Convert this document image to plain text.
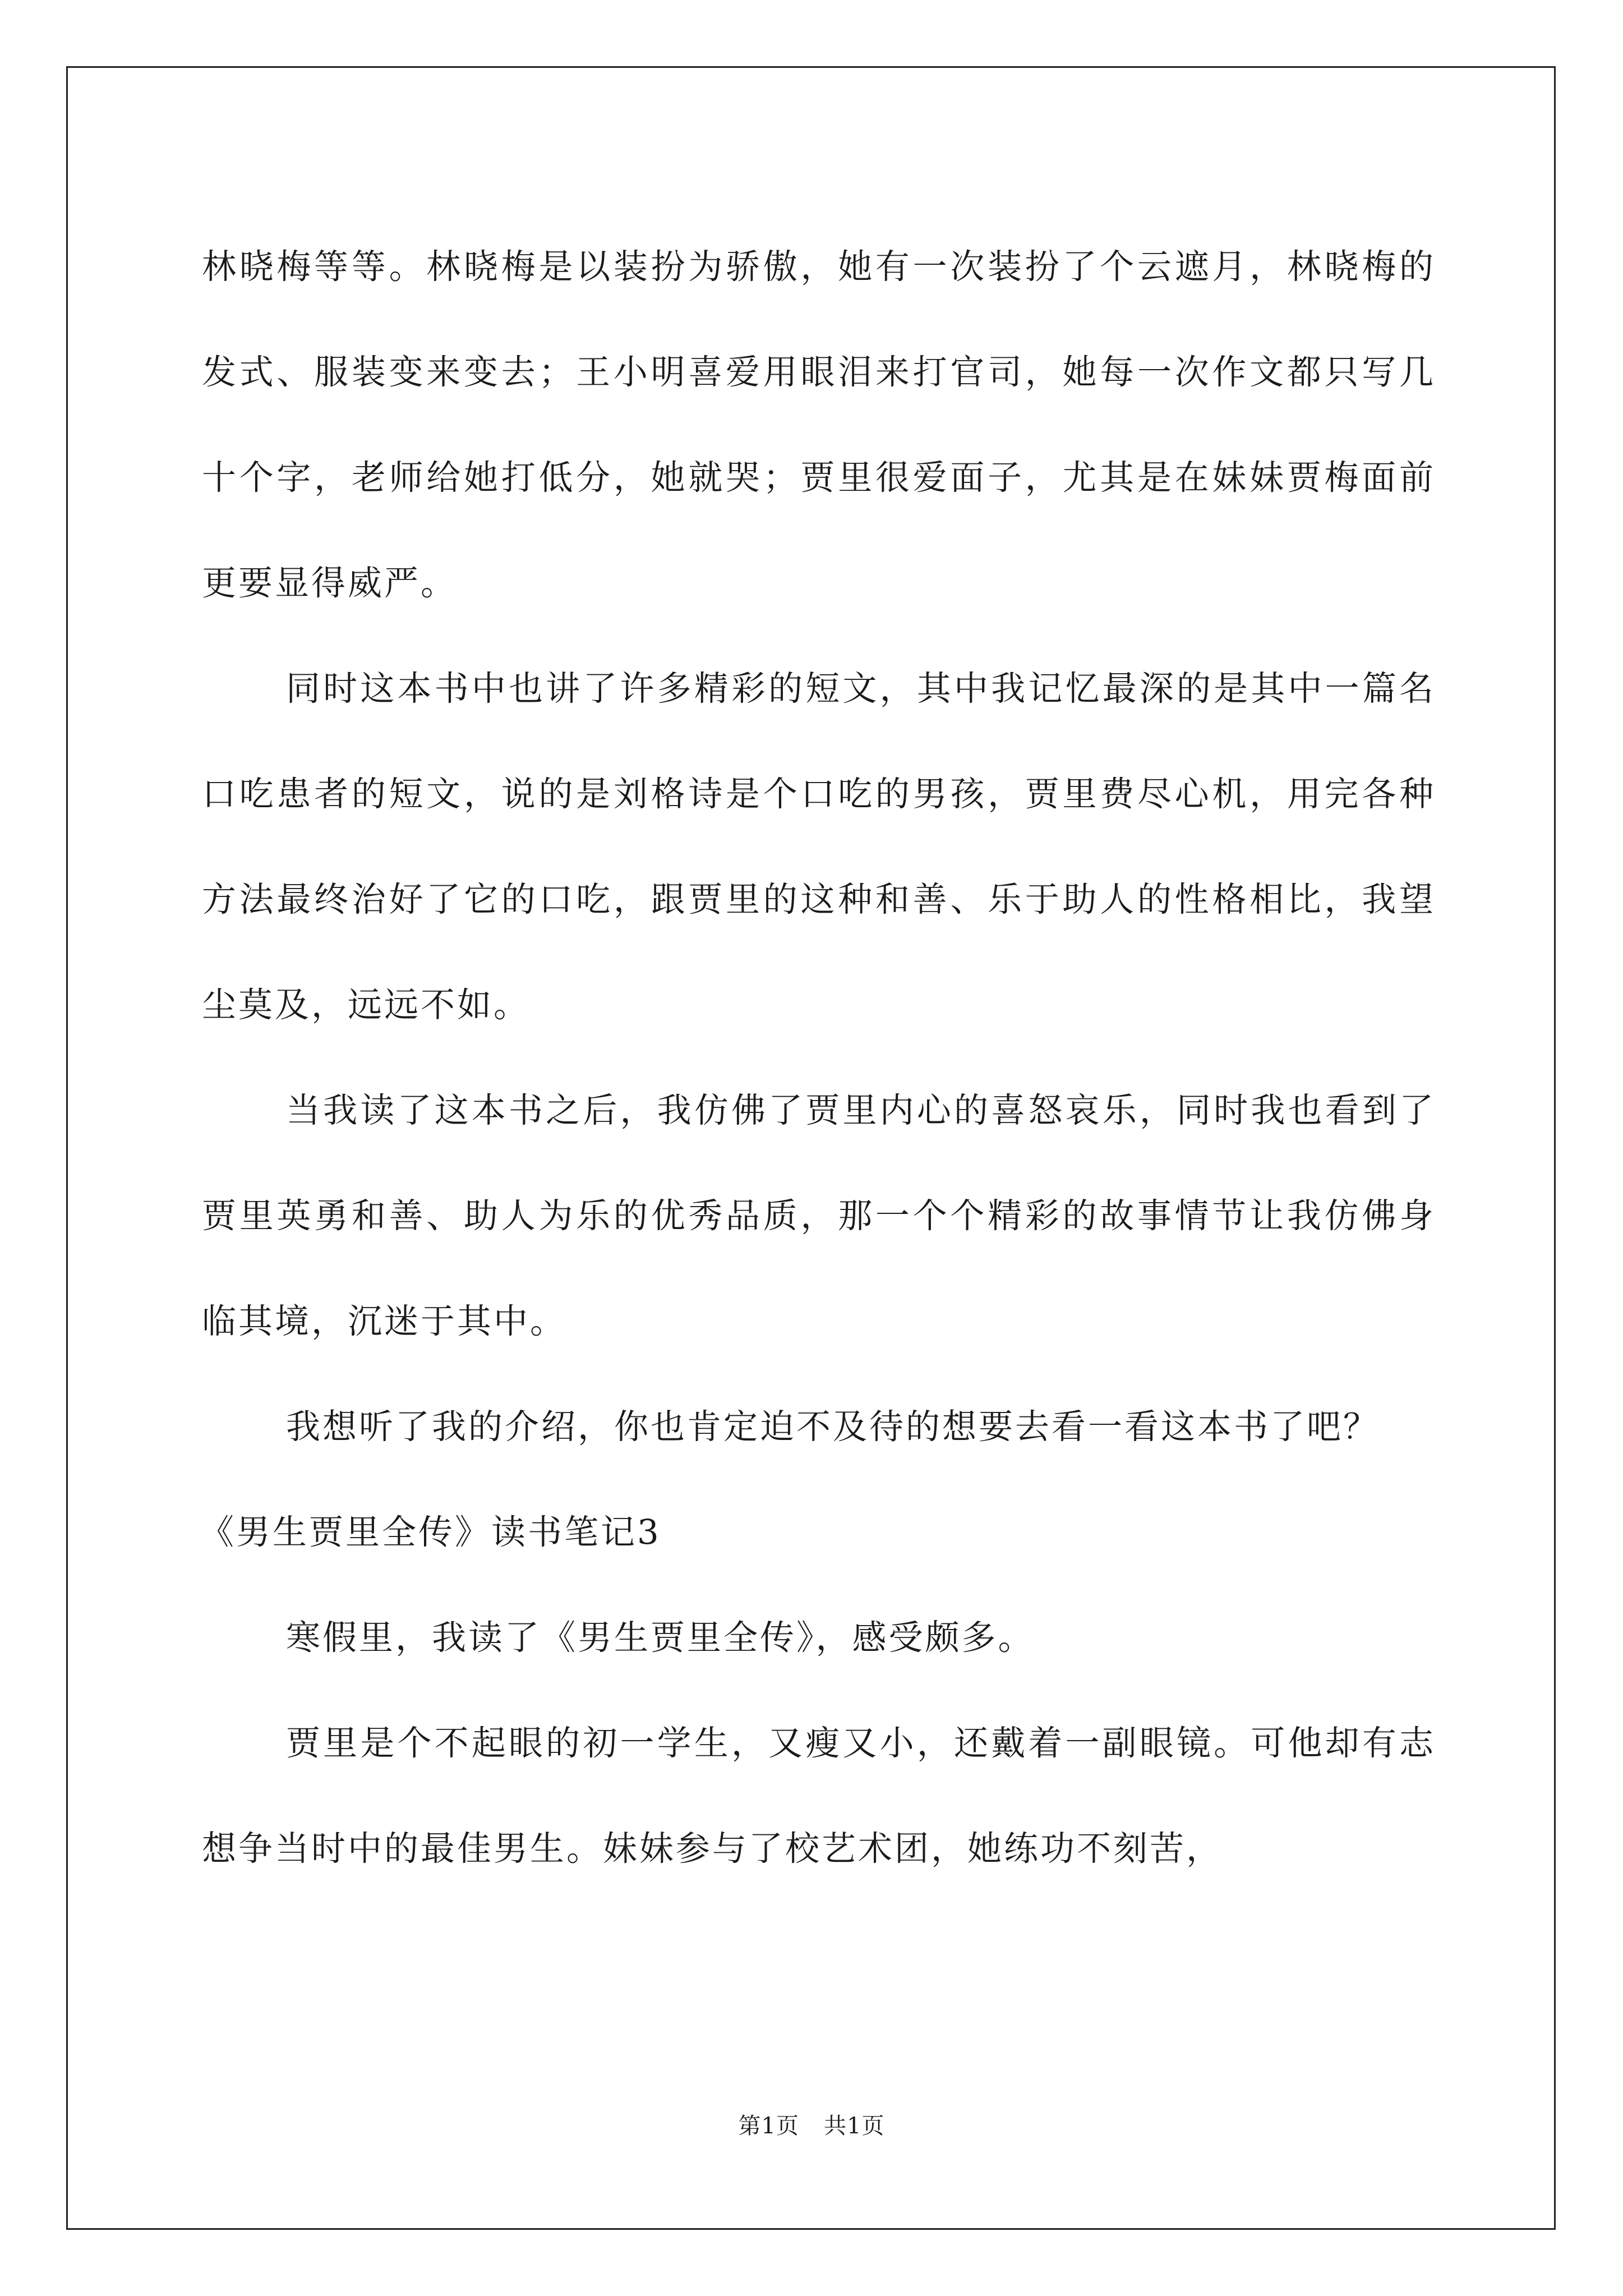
林晓梅等等。林晓梅是以装扮为骄傲，她有一次装扮了个云遮月，林晓梅的发式、服装变来变去；王小明喜爱用眼泪来打官司，她每一次作文都只写几十个字，老师给她打低分，她就哭；贾里很爱面子，尤其是在妹妹贾梅面前更要显得威严。

同时这本书中也讲了许多精彩的短文，其中我记忆最深的是其中一篇名口吃患者的短文，说的是刘格诗是个口吃的男孩，贾里费尽心机，用完各种方法最终治好了它的口吃，跟贾里的这种和善、乐于助人的性格相比，我望尘莫及，远远不如。

当我读了这本书之后，我仿佛了贾里内心的喜怒哀乐，同时我也看到了贾里英勇和善、助人为乐的优秀品质，那一个个精彩的故事情节让我仿佛身临其境，沉迷于其中。

我想听了我的介绍，你也肯定迫不及待的想要去看一看这本书了吧？

《男生贾里全传》读书笔记3

寒假里，我读了《男生贾里全传》，感受颇多。

贾里是个不起眼的初一学生，又瘦又小，还戴着一副眼镜。可他却有志想争当时中的最佳男生。妹妹参与了校艺术团，她练功不刻苦，

第1页 共1页
